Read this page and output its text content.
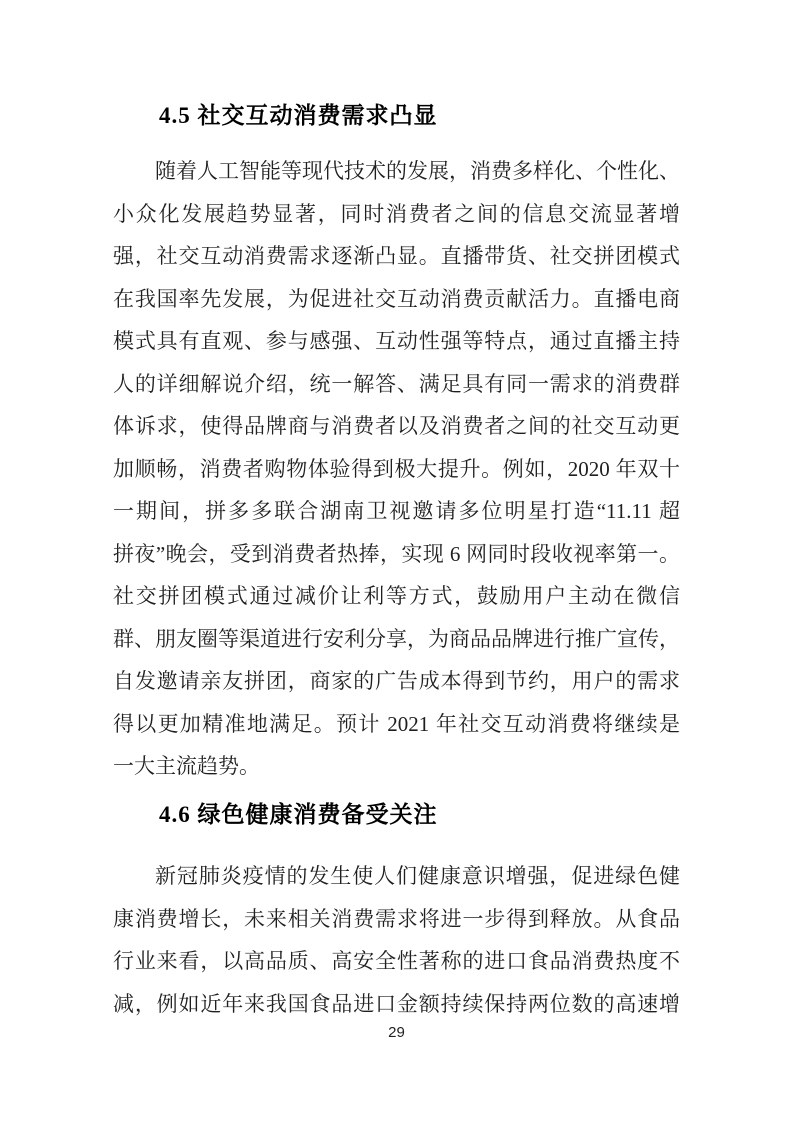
4.5 社交互动消费需求凸显
随着人工智能等现代技术的发展，消费多样化、个性化、
小众化发展趋势显著，同时消费者之间的信息交流显著增
强，社交互动消费需求逐渐凸显。直播带货、社交拼团模式
在我国率先发展，为促进社交互动消费贡献活力。直播电商
模式具有直观、参与感强、互动性强等特点，通过直播主持
人的详细解说介绍，统一解答、满足具有同一需求的消费群
体诉求，使得品牌商与消费者以及消费者之间的社交互动更
加顺畅，消费者购物体验得到极大提升。例如，2020 年双十
一期间，拼多多联合湖南卫视邀请多位明星打造“11.11 超
拼夜”晚会，受到消费者热捧，实现 6 网同时段收视率第一。
社交拼团模式通过减价让利等方式，鼓励用户主动在微信
群、朋友圈等渠道进行安利分享，为商品品牌进行推广宣传，
自发邀请亲友拼团，商家的广告成本得到节约，用户的需求
得以更加精准地满足。预计 2021 年社交互动消费将继续是
一大主流趋势。
4.6 绿色健康消费备受关注
新冠肺炎疫情的发生使人们健康意识增强，促进绿色健
康消费增长，未来相关消费需求将进一步得到释放。从食品
行业来看，以高品质、高安全性著称的进口食品消费热度不
减，例如近年来我国食品进口金额持续保持两位数的高速增
29
